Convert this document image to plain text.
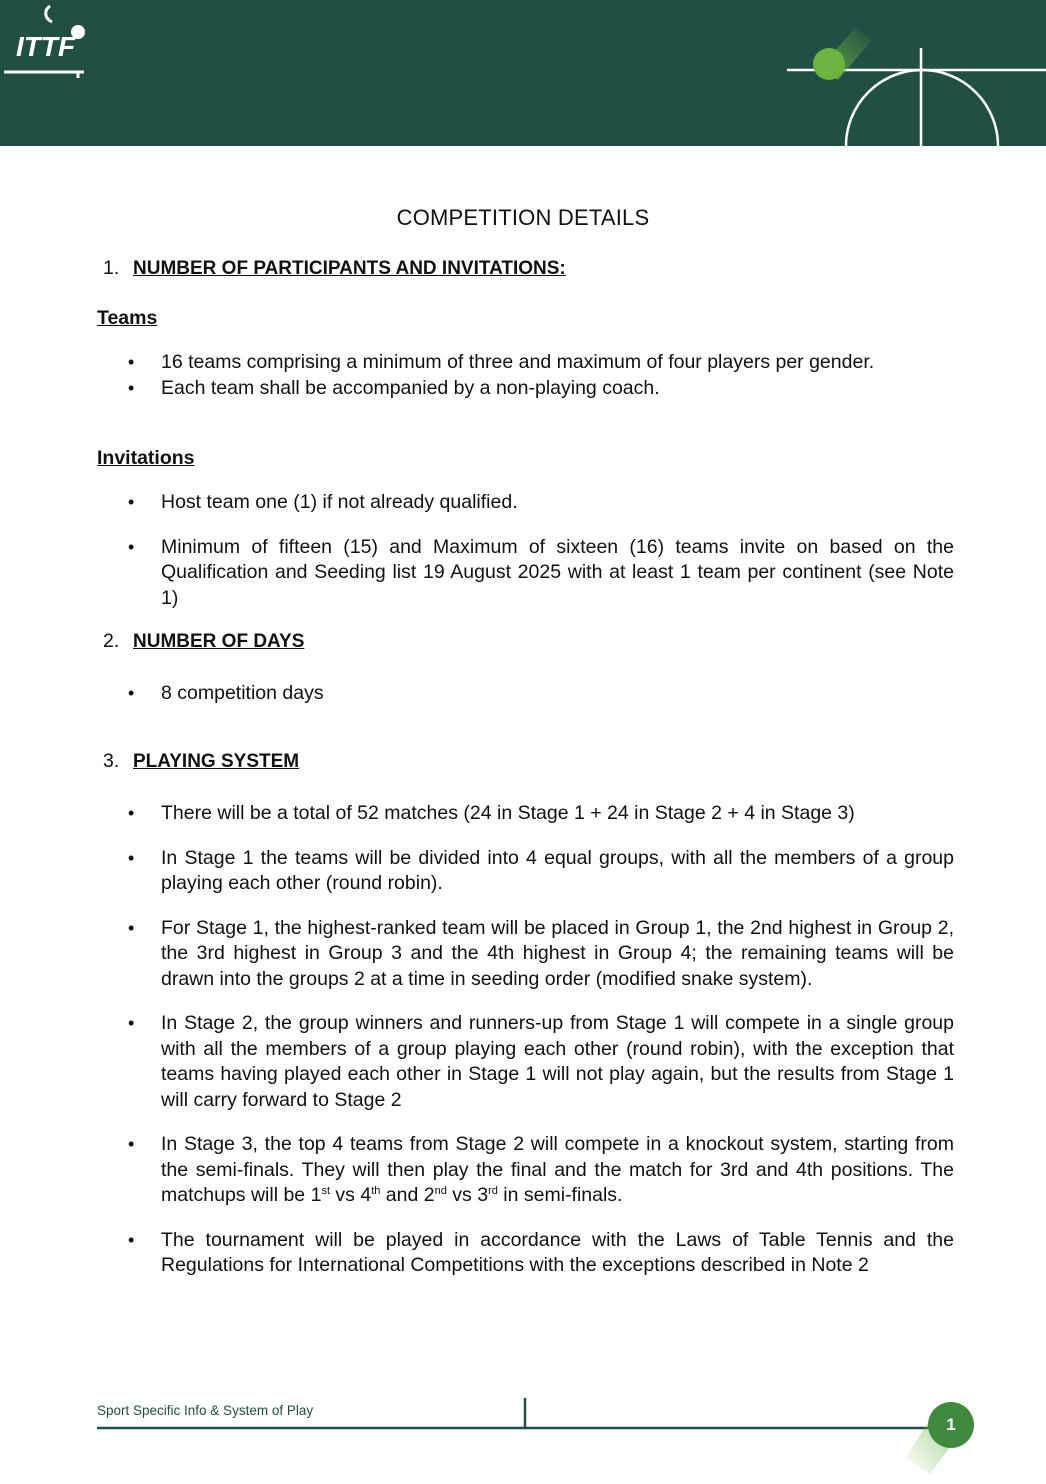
ITTF
COMPETITION DETAILS
1. NUMBER OF PARTICIPANTS AND INVITATIONS:
Teams
• 16 teams comprising a minimum of three and maximum of four players per gender.
• Each team shall be accompanied by a non-playing coach.
Invitations
• Host team one (1) if not already qualified.
• Minimum of fifteen (15) and Maximum of sixteen (16) teams invite on based on the Qualification and Seeding list 19 August 2025 with at least 1 team per continent (see Note 1)
2. NUMBER OF DAYS
• 8 competition days
3. PLAYING SYSTEM
• There will be a total of 52 matches (24 in Stage 1 + 24 in Stage 2 + 4 in Stage 3)
• In Stage 1 the teams will be divided into 4 equal groups, with all the members of a group playing each other (round robin).
• For Stage 1, the highest-ranked team will be placed in Group 1, the 2nd highest in Group 2, the 3rd highest in Group 3 and the 4th highest in Group 4; the remaining teams will be drawn into the groups 2 at a time in seeding order (modified snake system).
• In Stage 2, the group winners and runners-up from Stage 1 will compete in a single group with all the members of a group playing each other (round robin), with the exception that teams having played each other in Stage 1 will not play again, but the results from Stage 1 will carry forward to Stage 2
• In Stage 3, the top 4 teams from Stage 2 will compete in a knockout system, starting from the semi-finals. They will then play the final and the match for 3rd and 4th positions. The matchups will be 1st vs 4th and 2nd vs 3rd in semi-finals.
• The tournament will be played in accordance with the Laws of Table Tennis and the Regulations for International Competitions with the exceptions described in Note 2
Sport Specific Info & System of Play
1
